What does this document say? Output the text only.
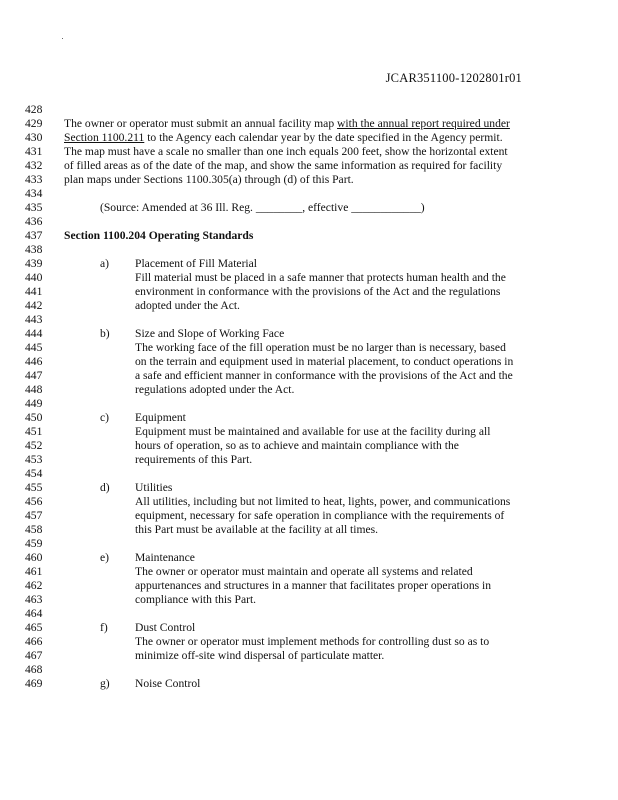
JCAR351100-1202801r01
428
429	The owner or operator must submit an annual facility map with the annual report required under
430	Section 1100.211 to the Agency each calendar year by the date specified in the Agency permit.
431	The map must have a scale no smaller than one inch equals 200 feet, show the horizontal extent
432	of filled areas as of the date of the map, and show the same information as required for facility
433	plan maps under Sections 1100.305(a) through (d) of this Part.
434
435	(Source: Amended at 36 Ill. Reg. ________, effective ____________)
436
437	Section 1100.204 Operating Standards
438
439	a) Placement of Fill Material
440	Fill material must be placed in a safe manner that protects human health and the
441	environment in conformance with the provisions of the Act and the regulations
442	adopted under the Act.
443
444	b) Size and Slope of Working Face
445	The working face of the fill operation must be no larger than is necessary, based
446	on the terrain and equipment used in material placement, to conduct operations in
447	a safe and efficient manner in conformance with the provisions of the Act and the
448	regulations adopted under the Act.
449
450	c) Equipment
451	Equipment must be maintained and available for use at the facility during all
452	hours of operation, so as to achieve and maintain compliance with the
453	requirements of this Part.
454
455	d) Utilities
456	All utilities, including but not limited to heat, lights, power, and communications
457	equipment, necessary for safe operation in compliance with the requirements of
458	this Part must be available at the facility at all times.
459
460	e) Maintenance
461	The owner or operator must maintain and operate all systems and related
462	appurtenances and structures in a manner that facilitates proper operations in
463	compliance with this Part.
464
465	f) Dust Control
466	The owner or operator must implement methods for controlling dust so as to
467	minimize off-site wind dispersal of particulate matter.
468
469	g) Noise Control
